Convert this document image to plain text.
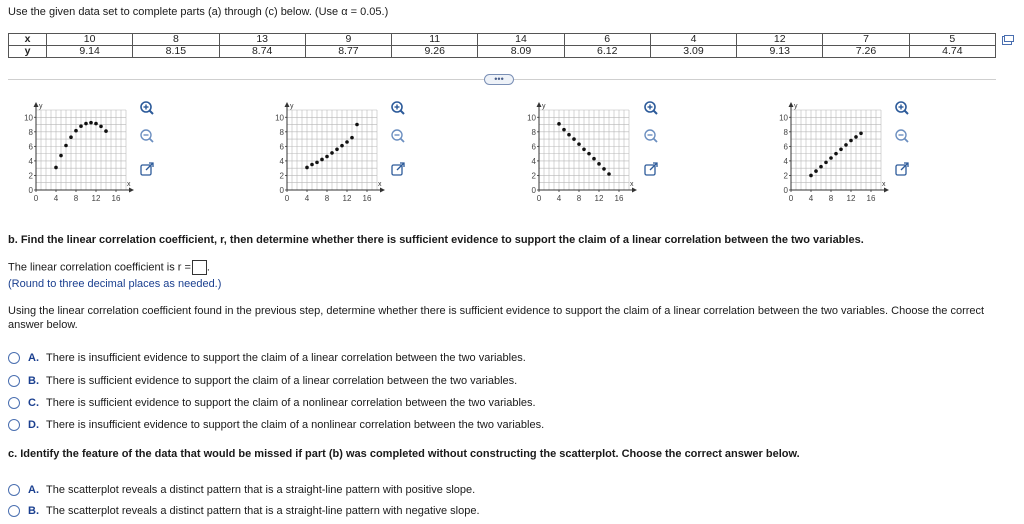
Use the given data set to complete parts (a) through (c) below. (Use α = 0.05.)
x	10	8	13	9	11	14	6	4	12	7	5
y	9.14	8.15	8.74	8.77	9.26	8.09	6.12	3.09	9.13	7.26	4.74
•••
y
x
10
8
6
4
2
0
0 4 8 12 16
y
x
10
8
6
4
2
0
0 4 8 12 16
y
x
10
8
6
4
2
0
0 4 8 12 16
y
x
10
8
6
4
2
0
0 4 8 12 16
b. Find the linear correlation coefficient, r, then determine whether there is sufficient evidence to support the claim of a linear correlation between the two variables.
The linear correlation coefficient is r = .
(Round to three decimal places as needed.)
Using the linear correlation coefficient found in the previous step, determine whether there is sufficient evidence to support the claim of a linear correlation between the two variables. Choose the correct answer below.
A. There is insufficient evidence to support the claim of a linear correlation between the two variables.
B. There is sufficient evidence to support the claim of a linear correlation between the two variables.
C. There is sufficient evidence to support the claim of a nonlinear correlation between the two variables.
D. There is insufficient evidence to support the claim of a nonlinear correlation between the two variables.
c. Identify the feature of the data that would be missed if part (b) was completed without constructing the scatterplot. Choose the correct answer below.
A. The scatterplot reveals a distinct pattern that is a straight-line pattern with positive slope.
B. The scatterplot reveals a distinct pattern that is a straight-line pattern with negative slope.
